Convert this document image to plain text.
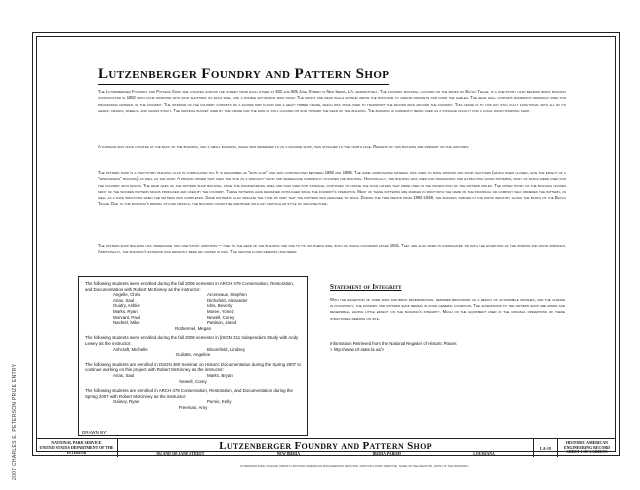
2007 CHARLES E. PETERSON PRIZE ENTRY
Lutzenberger Foundry and Pattern Shop
The Lutzenberger Foundry and Pattern Shop are located across the street from each other at 502 and 505 Jane Street in New Iberia, LA, respectively. The foundry building, located on the banks of Bayou Teche, is a one-story load bearing brick building constructed in 1882 with four windows with iron shutters on each side, and a double en-trance iron door. The front and rear walls extend above the roofline to create parapets and form the gables. The rear wall contains numerous openings used for processing material in the foundry. The interior of the foundry consists of a sloped dirt floor and a heavy timber crane, which was once used to transport the molten iron around the foundry. This crane is to this day still fully functional with all of its gears, cranks, wheels, and chains intact. The original bucket used by the crane for the iron is still located on site toward the rear of the building. The building is currently being used as a storage facility for a local wood-working shop.
A furnace was once located at the back of the building, and a small building, which was referred to as a machine shop, was attached to the north face. Remains of this building are present on the grounds.
The pattern shop is a two-story building clad in corrugated tin. It is described as "iron clad" and was constructed between 1892 and 1895. The same corrugated material was used to make window and door shutters (which when closed, give the effect of a "windowless" building) as well as the roof. A private owner that uses the site as a specialty shop and warehouse currently occupies the building. Historically, the building was used for processing and extracting wood patterns, many of which were used for the foundry iron molds. The rear area of the pattern shop building, once the woodworking area and now used for storage, continues to house the four lathes that were used in the production of the pattern molds. The upper story of the building houses many of the wooden pattern molds produced and used by the foundry. These patterns have remained untouched since the foundry's operation. Many of these patterns are marked in paint with the name of the individual or company who ordered the pattern, as well as a date indicating when the pattern was completed. Some patterns also indicate the type of part that the pattern was designed to mold. During the time period from 1892-1949, the building thrived in the wood industry along the banks of the Bayou Teche. Due to the building's minimal styling details, the building cannot be identified with any particular style of architecture.
The pattern shop building has undergone two one-story additions — one to the rear of the building and one to its southern side, both of which occurred after 1931. They are also sided in corrugated tin with the exception of the window and door openings. Additionally, the building's exterior was recently been re coated in zinc. The second floor remains unaltered.
The following students were enrolled during the fall 2006 semester in ARCH 479 Conservation, Restoration, and Documentation with Robert McKinney as the instructor:
Angelle, Chris	Arceneaux, Stephen
Arias, Saul	Dinhofeld, Alexander
Guidry, Ashlie	Idris, Beverly
Marks, Ryan	Moree, Yonez
Morvant, Paul	Newell, Corey
Nachtel, Mike	Pattison, Jared
Rothermel, Megan
The following students were enrolled during the fall 2006 semester in [ISGN 311 Independent Study with Andy Lewey as the instructor:
Ashcraft, Michelle	Bloomfield, Lindsey
Guilotte, Angeline
The following students are enrolled in DSGN 480 Seminar on Historic Documentation during the Spring 2007 to continue working on this project with Robert McKinney as the instructor:
Arias, Saul	Marks, Bryan
Newell, Corey
The following students are enrolled in ARCH 479 Conservation, Restoration, and Documentation during the Spring 2007 with Robert McKinney as the instructor:
Gainey, Ryan	Pursio, Kelly
Freeman, Amy
Statement of Integrity
With the exception of some iron and brick deterioration, repaired brickwork as a result of automobile crashes, and the change in occupancy, the foundry and pattern shop remain in good general condition. The alterations to the pattern shop are minor and reversible, having little effect on the building's integrity. Much of the equipment used in the original operations of these structures remains on site.
Information Retrieved from the National Register of Historic Places
> http://www.crt.state.la.us/>
DRAWN BY:
NATIONAL PARK SERVICE
UNITED STATES DEPARTMENT OF THE INTERIOR
Lutzenberger Foundry and Pattern Shop
502 AND 505 JANE STREET	NEW IBERIA	IBERIA PARISH	LOUISIANA
LA-19
HISTORIC AMERICAN
ENGINEERING RECORD
SHEET 1 OF 2 SHEETS
IF REPRODUCED, PLEASE CREDIT: HISTORIC AMERICAN ENGINEERING RECORD, NATIONAL PARK SERVICE, NAME OF DELINEATOR, DATE OF THE DRAWING
